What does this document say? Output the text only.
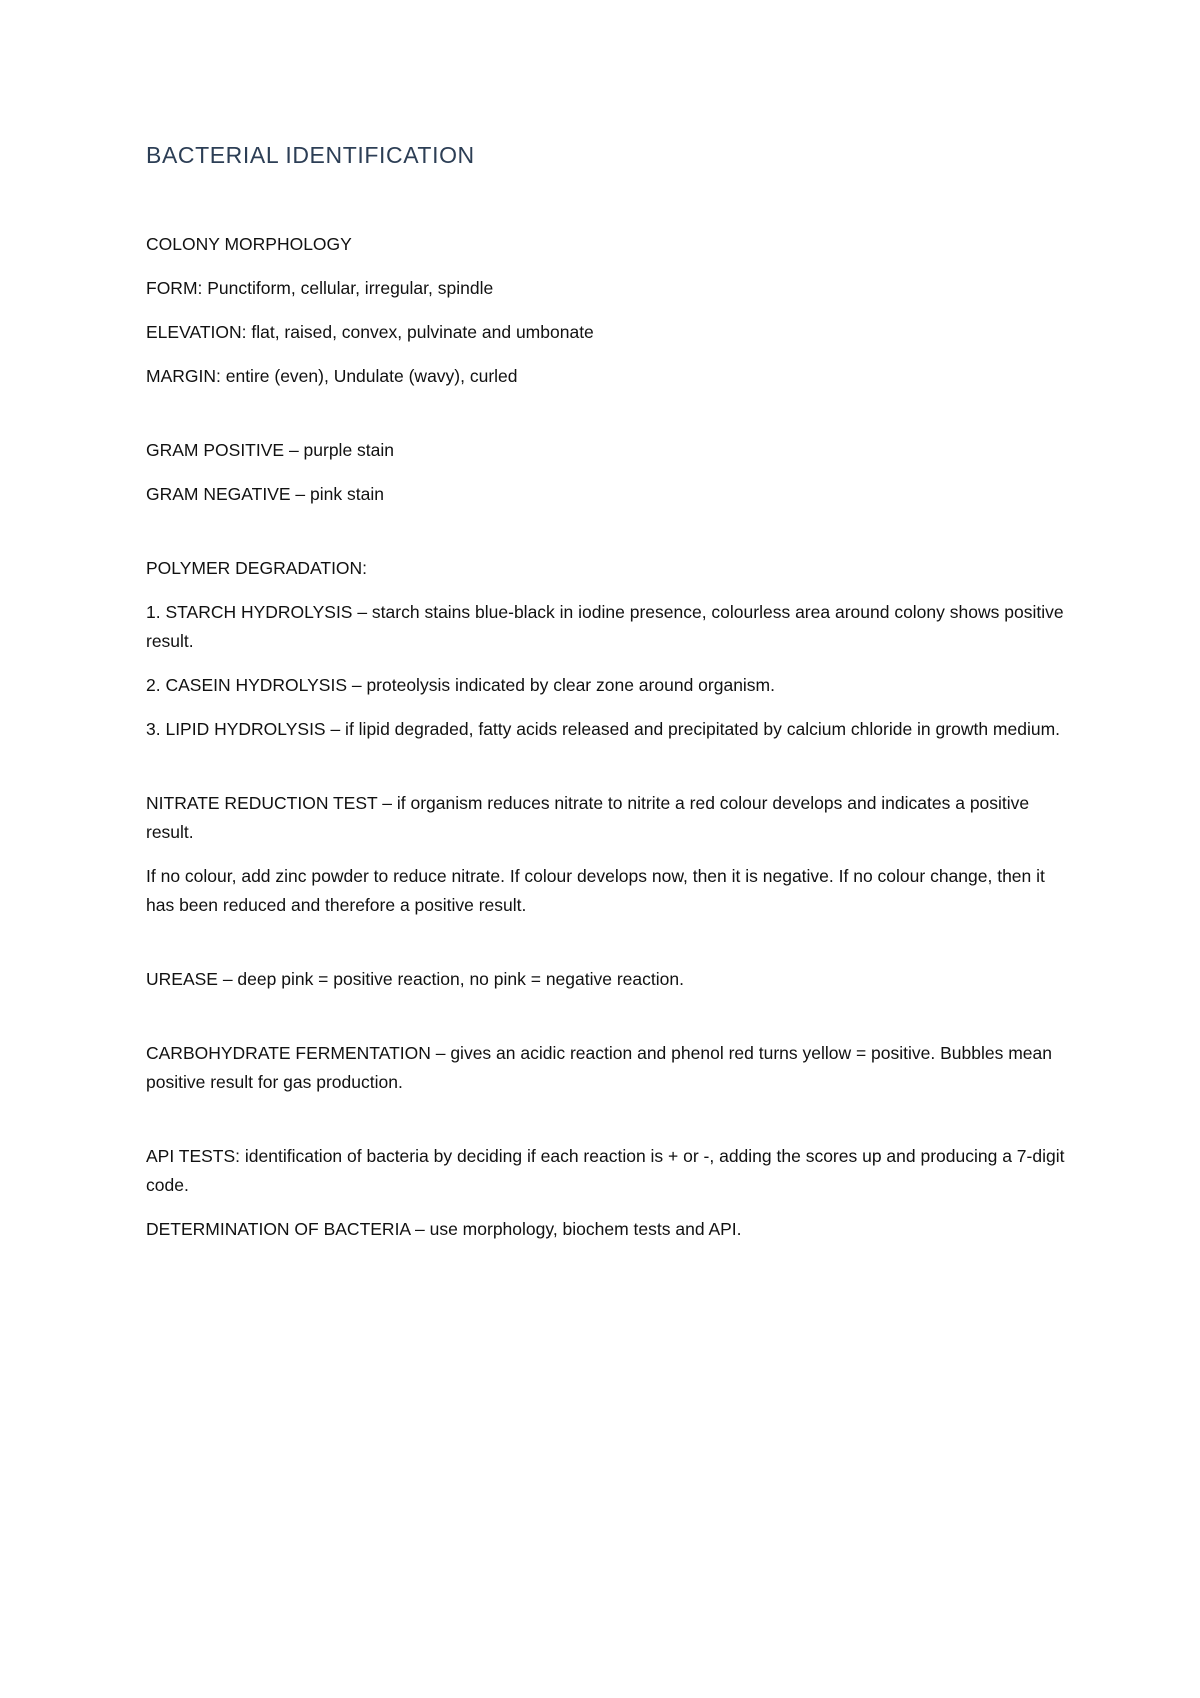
BACTERIAL IDENTIFICATION

COLONY MORPHOLOGY

FORM: Punctiform, cellular, irregular, spindle

ELEVATION: flat, raised, convex, pulvinate and umbonate

MARGIN: entire (even), Undulate (wavy), curled

GRAM POSITIVE – purple stain

GRAM NEGATIVE – pink stain

POLYMER DEGRADATION:

1. STARCH HYDROLYSIS – starch stains blue-black in iodine presence, colourless area around colony shows positive result.

2. CASEIN HYDROLYSIS – proteolysis indicated by clear zone around organism.

3. LIPID HYDROLYSIS – if lipid degraded, fatty acids released and precipitated by calcium chloride in growth medium.

NITRATE REDUCTION TEST – if organism reduces nitrate to nitrite a red colour develops and indicates a positive result.

If no colour, add zinc powder to reduce nitrate. If colour develops now, then it is negative. If no colour change, then it has been reduced and therefore a positive result.

UREASE – deep pink = positive reaction, no pink = negative reaction.

CARBOHYDRATE FERMENTATION – gives an acidic reaction and phenol red turns yellow = positive. Bubbles mean positive result for gas production.

API TESTS: identification of bacteria by deciding if each reaction is + or -, adding the scores up and producing a 7-digit code.

DETERMINATION OF BACTERIA – use morphology, biochem tests and API.
